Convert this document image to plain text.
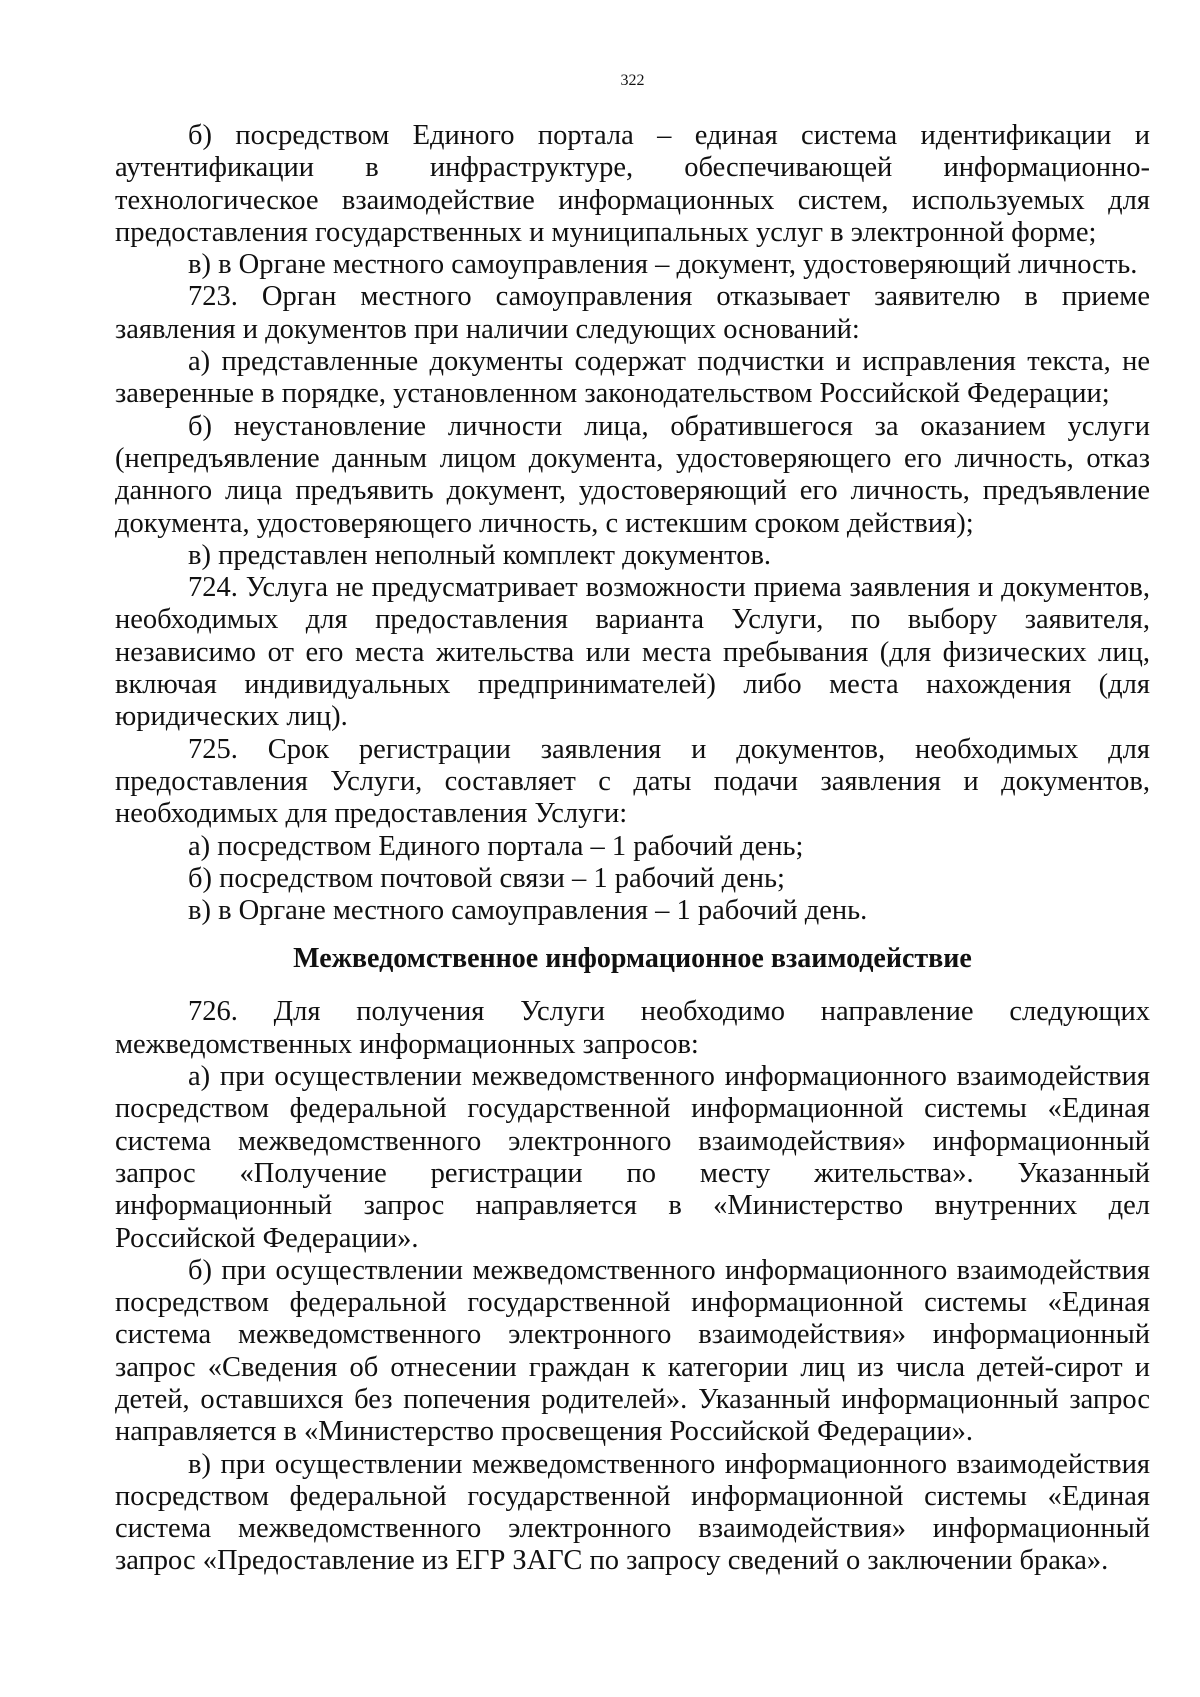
322

б) посредством Единого портала – единая система идентификации и аутентификации в инфраструктуре, обеспечивающей информационно-технологическое взаимодействие информационных систем, используемых для предоставления государственных и муниципальных услуг в электронной форме;

в) в Органе местного самоуправления – документ, удостоверяющий личность.

723. Орган местного самоуправления отказывает заявителю в приеме заявления и документов при наличии следующих оснований:

а) представленные документы содержат подчистки и исправления текста, не заверенные в порядке, установленном законодательством Российской Федерации;

б) неустановление личности лица, обратившегося за оказанием услуги (непредъявление данным лицом документа, удостоверяющего его личность, отказ данного лица предъявить документ, удостоверяющий его личность, предъявление документа, удостоверяющего личность, с истекшим сроком действия);

в) представлен неполный комплект документов.

724. Услуга не предусматривает возможности приема заявления и документов, необходимых для предоставления варианта Услуги, по выбору заявителя, независимо от его места жительства или места пребывания (для физических лиц, включая индивидуальных предпринимателей) либо места нахождения (для юридических лиц).

725. Срок регистрации заявления и документов, необходимых для предоставления Услуги, составляет с даты подачи заявления и документов, необходимых для предоставления Услуги:

а) посредством Единого портала – 1 рабочий день;

б) посредством почтовой связи – 1 рабочий день;

в) в Органе местного самоуправления – 1 рабочий день.

Межведомственное информационное взаимодействие

726. Для получения Услуги необходимо направление следующих межведомственных информационных запросов:

а) при осуществлении межведомственного информационного взаимодействия посредством федеральной государственной информационной системы «Единая система межведомственного электронного взаимодействия» информационный запрос «Получение регистрации по месту жительства». Указанный информационный запрос направляется в «Министерство внутренних дел Российской Федерации».

б) при осуществлении межведомственного информационного взаимодействия посредством федеральной государственной информационной системы «Единая система межведомственного электронного взаимодействия» информационный запрос «Сведения об отнесении граждан к категории лиц из числа детей-сирот и детей, оставшихся без попечения родителей». Указанный информационный запрос направляется в «Министерство просвещения Российской Федерации».

в) при осуществлении межведомственного информационного взаимодействия посредством федеральной государственной информационной системы «Единая система межведомственного электронного взаимодействия» информационный запрос «Предоставление из ЕГР ЗАГС по запросу сведений о заключении брака».
